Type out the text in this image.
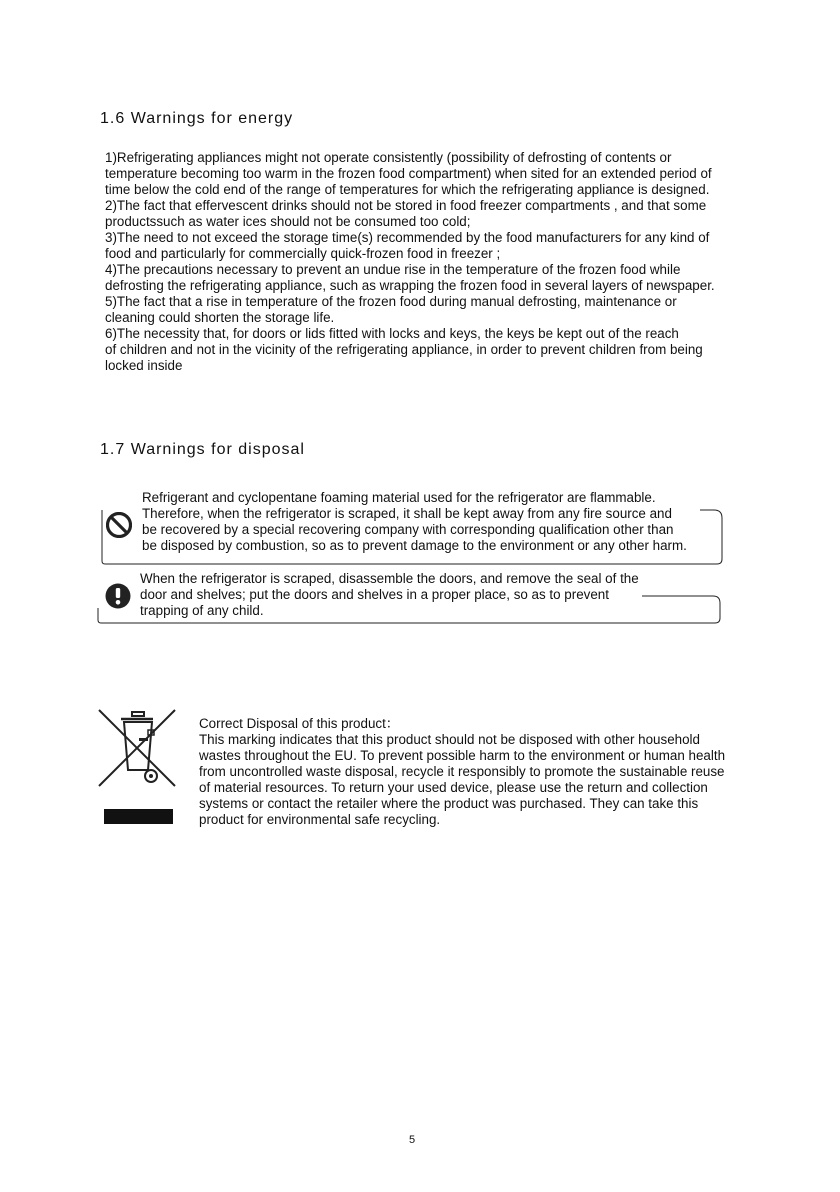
1.6 Warnings for energy
1)Refrigerating appliances might not operate consistently (possibility of defrosting of contents or
temperature becoming too warm in the frozen food compartment) when sited for an extended period of
time below the cold end of the range of temperatures for which the refrigerating appliance is designed.
2)The fact that effervescent drinks should not be stored in food freezer compartments , and that some
productssuch as water ices should not be consumed too cold;
3)The need to not exceed the storage time(s) recommended by the food manufacturers for any kind of
food and particularly for commercially quick-frozen food in freezer ;
4)The precautions necessary to prevent an undue rise in the temperature of the frozen food while
defrosting the refrigerating appliance, such as wrapping the frozen food in several layers of newspaper.
5)The fact that a rise in temperature of the frozen food during manual defrosting, maintenance or
cleaning could shorten the storage life.
6)The necessity that, for doors or lids fitted with locks and keys, the keys be kept out of the reach
of children and not in the vicinity of the refrigerating appliance, in order to prevent children from being
locked inside
1.7 Warnings for disposal
Refrigerant and cyclopentane foaming material used for the refrigerator are flammable.
Therefore, when the refrigerator is scraped, it shall be kept away from any fire source and
be recovered by a special recovering company with corresponding qualification other than
be disposed by combustion, so as to prevent damage to the environment or any other harm.
When the refrigerator is scraped, disassemble the doors, and remove the seal of the
door and shelves; put the doors and shelves in a proper place, so as to prevent
trapping of any child.
Correct Disposal of this product：
This marking indicates that this product should not be disposed with other household
wastes throughout the EU. To prevent possible harm to the environment or human health
from uncontrolled waste disposal, recycle it responsibly to promote the sustainable reuse
of material resources. To return your used device, please use the return and collection
systems or contact the retailer where the product was purchased. They can take this
product for environmental safe recycling.
5
